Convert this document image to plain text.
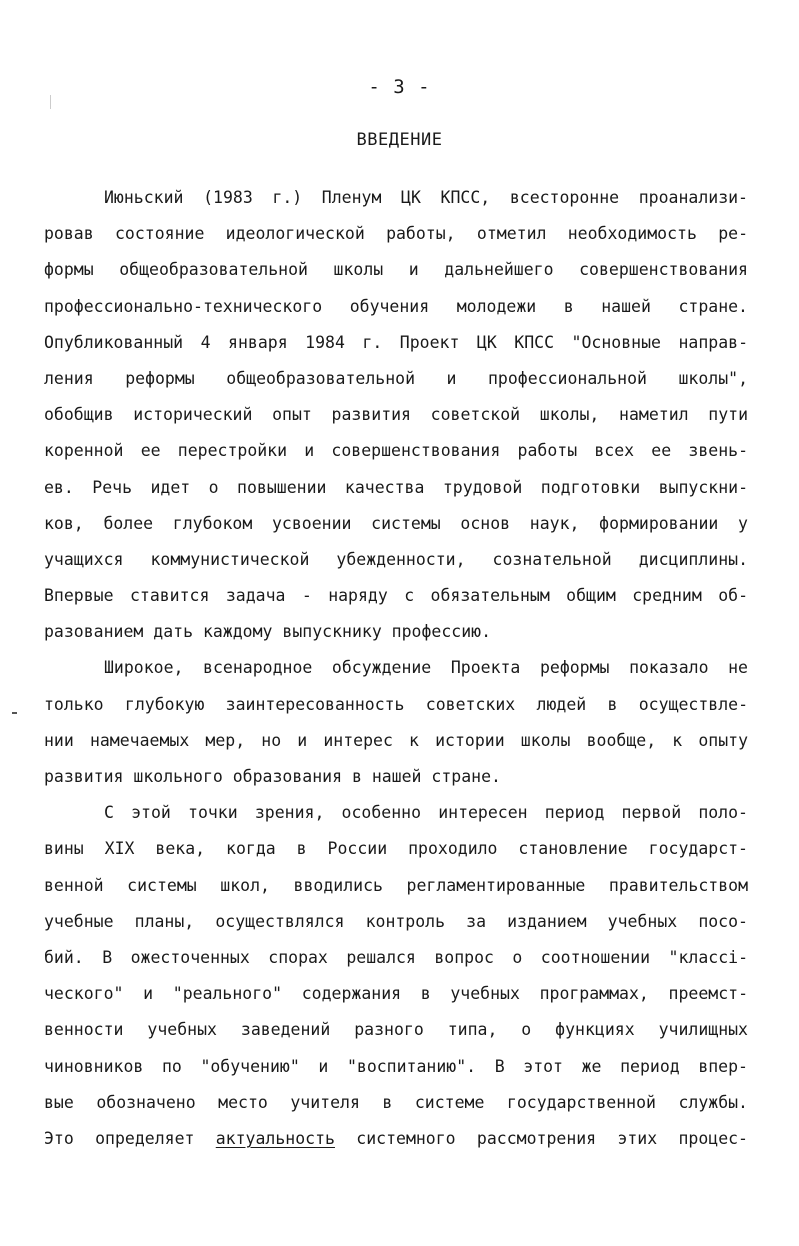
- 3 -
ВВЕДЕНИЕ
Июньский (1983 г.) Пленум ЦК КПСС, всесторонне проанализи-
ровав состояние идеологической работы, отметил необходимость ре-
формы общеобразовательной школы и дальнейшего совершенствования
профессионально-технического обучения молодежи в нашей стране.
Опубликованный 4 января 1984 г. Проект ЦК КПСС "Основные направ-
ления реформы общеобразовательной и профессиональной школы",
обобщив исторический опыт развития советской школы, наметил пути
коренной ее перестройки и совершенствования работы всех ее звень-
ев. Речь идет о повышении качества трудовой подготовки выпускни-
ков, более глубоком усвоении системы основ наук, формировании у
учащихся коммунистической убежденности, сознательной дисциплины.
Впервые ставится задача - наряду с обязательным общим средним об-
разованием дать каждому выпускнику профессию.
Широкое, всенародное обсуждение Проекта реформы показало не
только глубокую заинтересованность советских людей в осуществле-
нии намечаемых мер, но и интерес к истории школы вообще, к опыту
развития школьного образования в нашей стране.
С этой точки зрения, особенно интересен период первой поло-
вины XIX века, когда в России проходило становление государст-
венной системы школ, вводились регламентированные правительством
учебные планы, осуществлялся контроль за изданием учебных посо-
бий. В ожесточенных спорах решался вопрос о соотношении "классi-
ческого" и "реального" содержания в учебных программах, преемст-
венности учебных заведений разного типа, о функциях училищных
чиновников по "обучению" и "воспитанию". В этот же период впер-
вые обозначено место учителя в системе государственной службы.
Это определяет актуальность системного рассмотрения этих процес-
